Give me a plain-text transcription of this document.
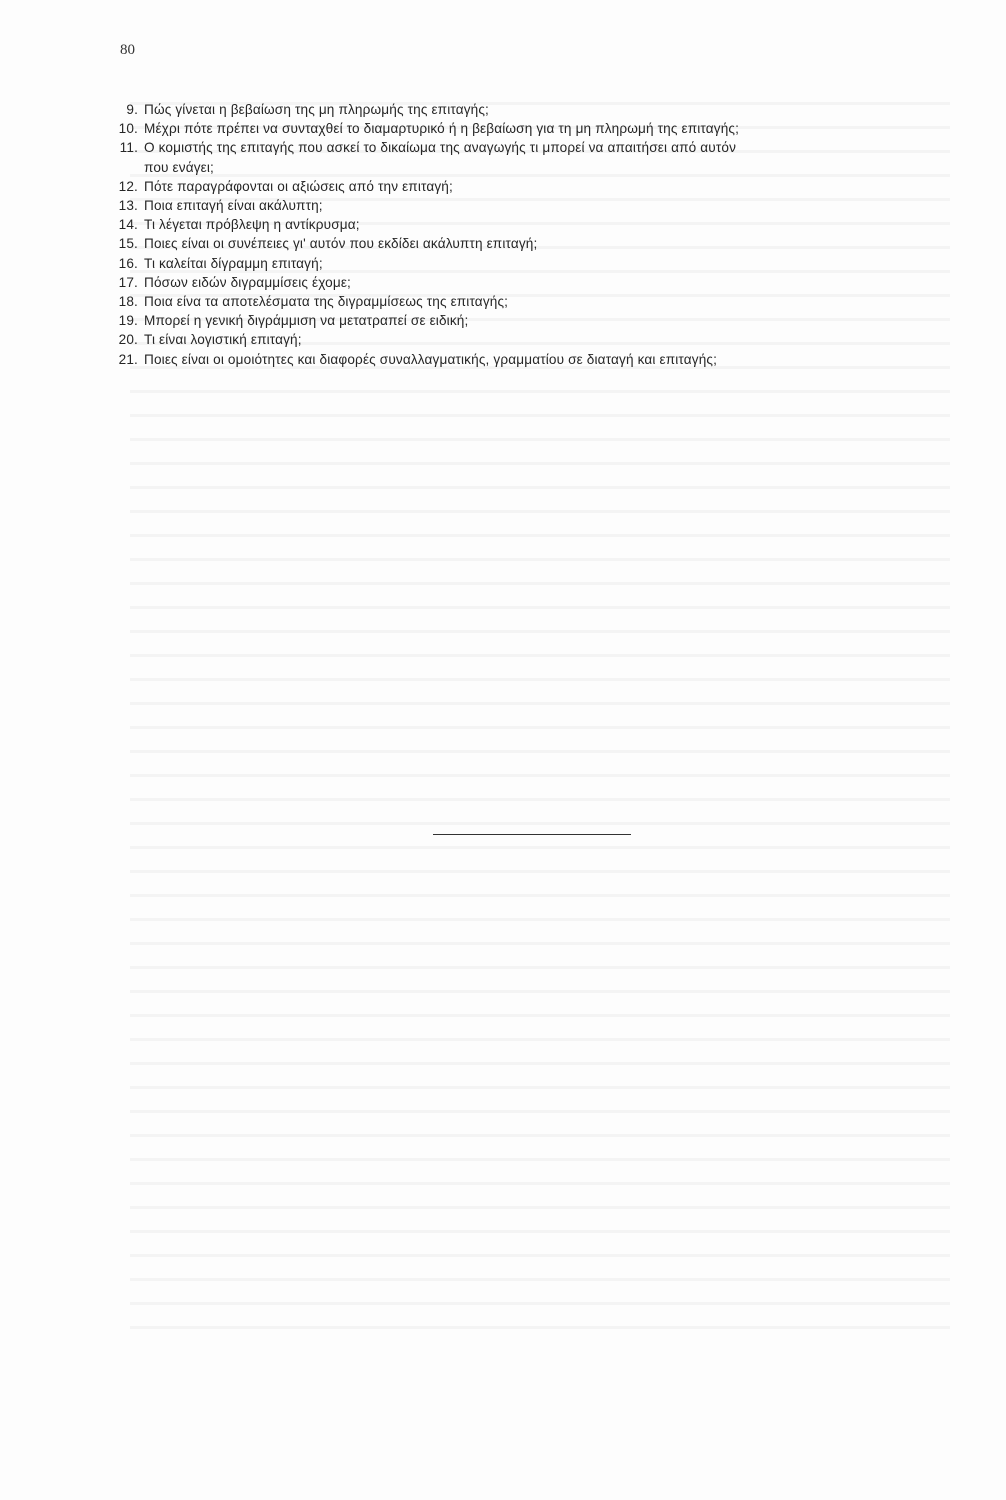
80
9. Πώς γίνεται η βεβαίωση της μη πληρωμής της επιταγής;
10. Μέχρι πότε πρέπει να συνταχθεί το διαμαρτυρικό ή η βεβαίωση για τη μη πληρωμή της επιταγής;
11. Ο κομιστής της επιταγής που ασκεί το δικαίωμα της αναγωγής τι μπορεί να απαιτήσει από αυτόν
που ενάγει;
12. Πότε παραγράφονται οι αξιώσεις από την επιταγή;
13. Ποια επιταγή είναι ακάλυπτη;
14. Τι λέγεται πρόβλεψη η αντίκρυσμα;
15. Ποιες είναι οι συνέπειες γι' αυτόν που εκδίδει ακάλυπτη επιταγή;
16. Τι καλείται δίγραμμη επιταγή;
17. Πόσων ειδών διγραμμίσεις έχομε;
18. Ποια είνα τα αποτελέσματα της διγραμμίσεως της επιταγής;
19. Μπορεί η γενική διγράμμιση να μετατραπεί σε ειδική;
20. Τι είναι λογιστική επιταγή;
21. Ποιες είναι οι ομοιότητες και διαφορές συναλλαγματικής, γραμματίου σε διαταγή και επιταγής;
